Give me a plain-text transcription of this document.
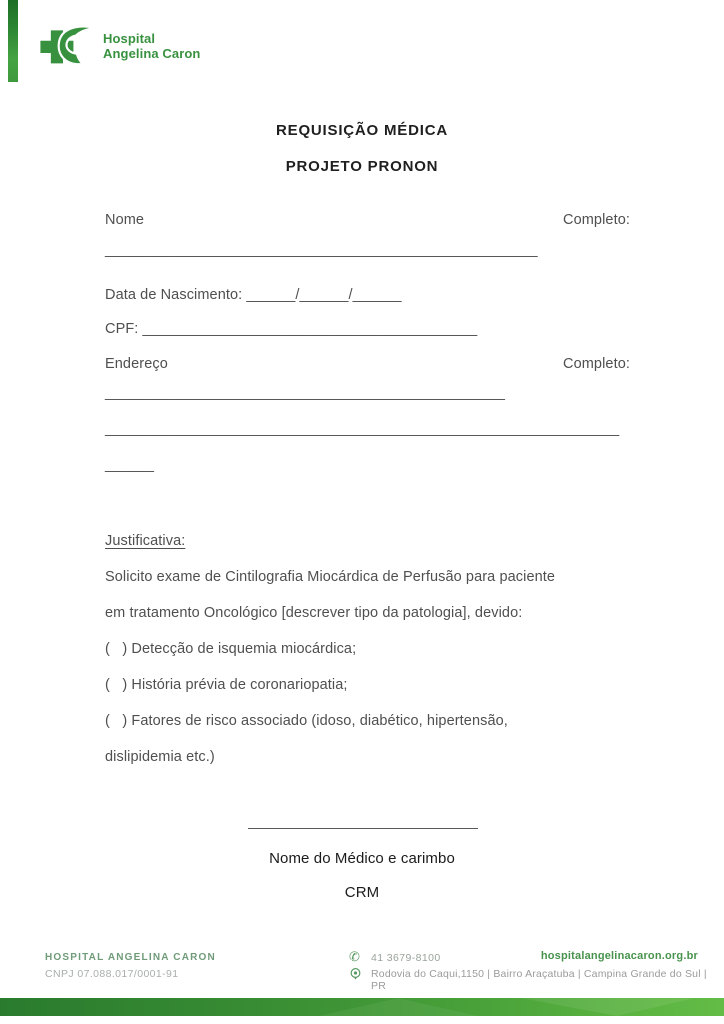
Hospital
Angelina Caron
REQUISIÇÃO MÉDICA
PROJETO PRONON
Nome	Completo:
_____________________________________________________
Data de Nascimento: ______/______/______
CPF: _________________________________________
Endereço	Completo:
_________________________________________________
_______________________________________________________________
______
Justificativa:
Solicito exame de Cintilografia Miocárdica de Perfusão para paciente
em tratamento Oncológico [descrever tipo da patologia], devido:
(   ) Detecção de isquemia miocárdica;
(   ) História prévia de coronariopatia;
(   ) Fatores de risco associado (idoso, diabético, hipertensão,
dislipidemia etc.)
Nome do Médico e carimbo
CRM
HOSPITAL ANGELINA CARON
CNPJ 07.088.017/0001-91
✆ 41 3679-8100
Rodovia do Caqui,1150 | Bairro Araçatuba | Campina Grande do Sul | PR
hospitalangelinacaron.org.br
